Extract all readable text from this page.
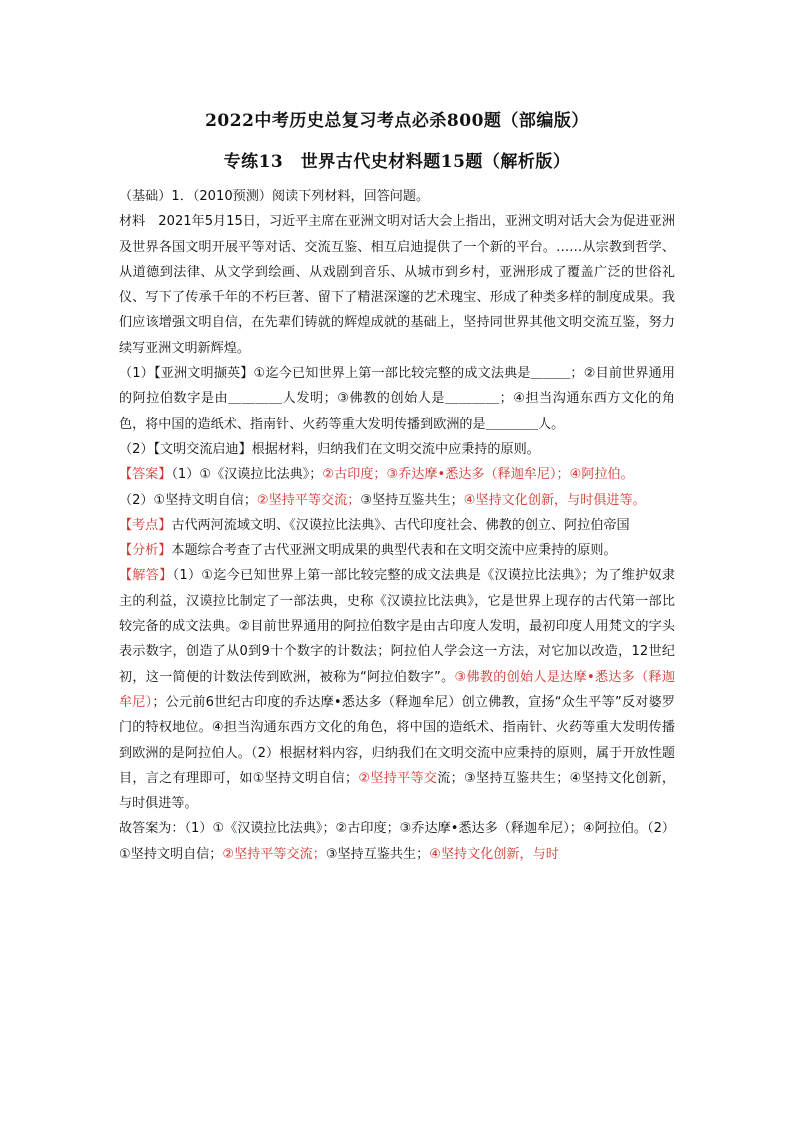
2022中考历史总复习考点必杀800题（部编版）
专练13　世界古代史材料题15题（解析版）

（基础）1．（2010预测）阅读下列材料，回答问题。

材料　2021年5月15日，习近平主席在亚洲文明对话大会上指出，亚洲文明对话大会为促进亚洲及世界各国文明开展平等对话、交流互鉴、相互启迪提供了一个新的平台。……从宗教到哲学、从道德到法律、从文学到绘画、从戏剧到音乐、从城市到乡村，亚洲形成了覆盖广泛的世俗礼仪、写下了传承千年的不朽巨著、留下了精湛深邃的艺术瑰宝、形成了种类多样的制度成果。我们应该增强文明自信，在先辈们铸就的辉煌成就的基础上，坚持同世界其他文明交流互鉴，努力续写亚洲文明新辉煌。

（1）【亚洲文明撷英】①迄今已知世界上第一部比较完整的成文法典是＿＿＿；②目前世界通用的阿拉伯数字是由＿＿＿＿人发明；③佛教的创始人是＿＿＿＿；④担当沟通东西方文化的角色，将中国的造纸术、指南针、火药等重大发明传播到欧洲的是＿＿＿＿人。

（2）【文明交流启迪】根据材料，归纳我们在文明交流中应秉持的原则。

【答案】（1）①《汉谟拉比法典》；②古印度；③乔达摩•悉达多（释迦牟尼）；④阿拉伯。

（2）①坚持文明自信；②坚持平等交流；③坚持互鉴共生；④坚持文化创新，与时俱进等。

【考点】古代两河流域文明、《汉谟拉比法典》、古代印度社会、佛教的创立、阿拉伯帝国

【分析】本题综合考查了古代亚洲文明成果的典型代表和在文明交流中应秉持的原则。

【解答】（1）①迄今已知世界上第一部比较完整的成文法典是《汉谟拉比法典》；为了维护奴隶主的利益，汉谟拉比制定了一部法典，史称《汉谟拉比法典》，它是世界上现存的古代第一部比较完备的成文法典。②目前世界通用的阿拉伯数字是由古印度人发明，最初印度人用梵文的字头表示数字，创造了从0到9十个数字的计数法；阿拉伯人学会这一方法，对它加以改造，12世纪初，这一简便的计数法传到欧洲，被称为“阿拉伯数字”。③佛教的创始人是达摩•悉达多（释迦牟尼）；公元前6世纪古印度的乔达摩•悉达多（释迦牟尼）创立佛教，宣扬“众生平等”反对婆罗门的特权地位。④担当沟通东西方文化的角色，将中国的造纸术、指南针、火药等重大发明传播到欧洲的是阿拉伯人。（2）根据材料内容，归纳我们在文明交流中应秉持的原则，属于开放性题目，言之有理即可，如①坚持文明自信；②坚持平等交流；③坚持互鉴共生；④坚持文化创新，与时俱进等。

故答案为：（1）①《汉谟拉比法典》；②古印度；③乔达摩•悉达多（释迦牟尼）；④阿拉伯。（2）①坚持文明自信；②坚持平等交流；③坚持互鉴共生；④坚持文化创新，与时
